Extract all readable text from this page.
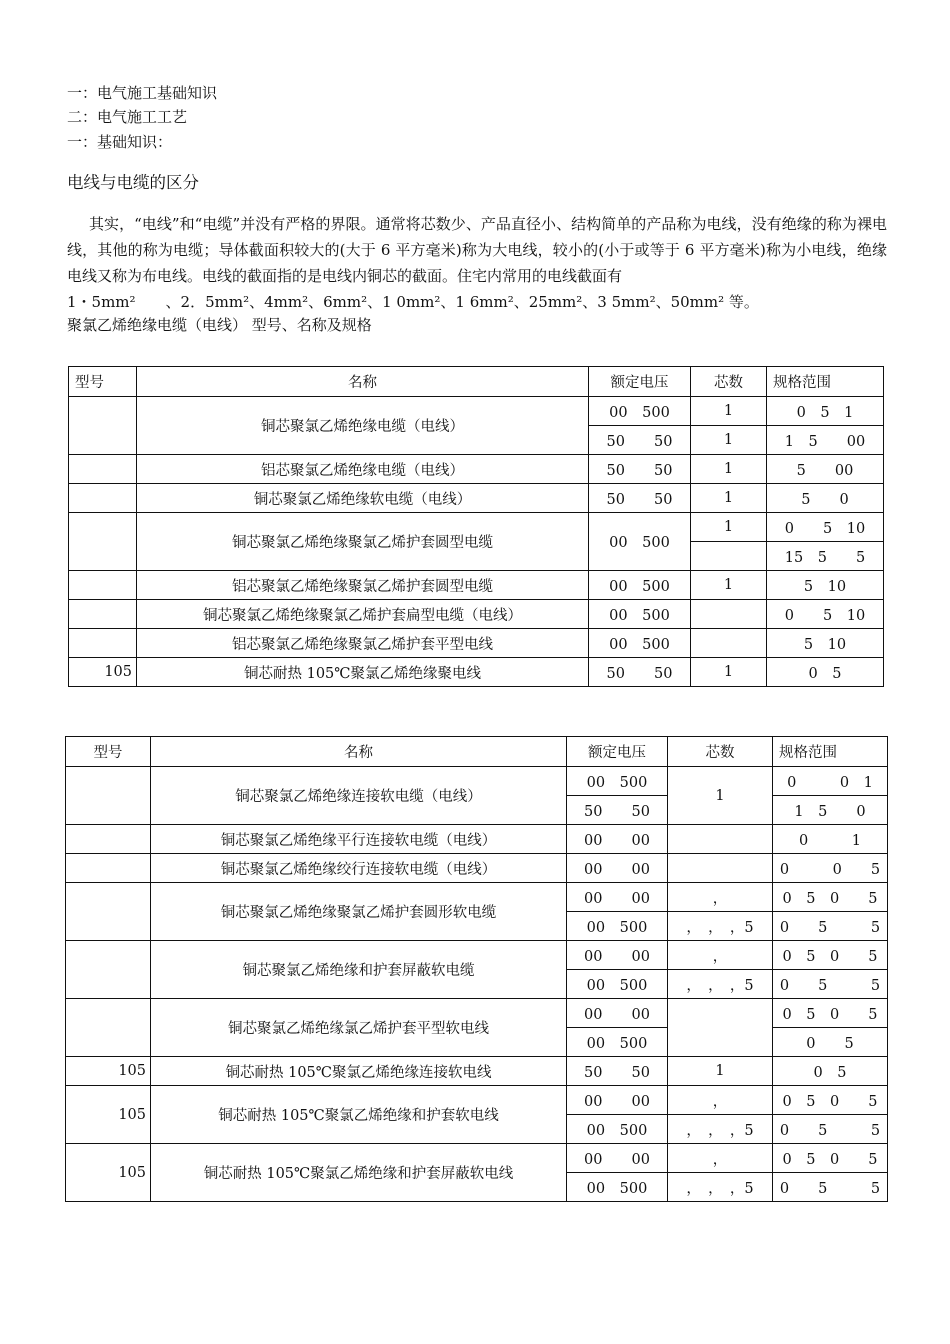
一：电气施工基础知识
二：电气施工工艺
一：基础知识：
电线与电缆的区分
其实，“电线”和“电缆”并没有严格的界限。通常将芯数少、产品直径小、结构简单的产品称为电线，没有绝缘的称为裸电线，其他的称为电缆；导体截面积较大的(大于 6 平方毫米)称为大电线，较小的(小于或等于 6 平方毫米)称为小电线，绝缘电线又称为布电线。电线的截面指的是电线内铜芯的截面。住宅内常用的电线截面有
1・5mm²　　、2．5mm²、4mm²、6mm²、1 0mm²、1 6mm²、25mm²、3 5mm²、50mm² 等。
聚氯乙烯绝缘电缆（电线） 型号、名称及规格
型号	名称	额定电压	芯数	规格范围
	铜芯聚氯乙烯绝缘电缆（电线）	00　500	1	0　5　1
		50　　50	1	1　5　　00
	铝芯聚氯乙烯绝缘电缆（电线）	50　　50	1	5　　00
	铜芯聚氯乙烯绝缘软电缆（电线）	50　　50	1	5　　0
	铜芯聚氯乙烯绝缘聚氯乙烯护套圆型电缆	00　500	1	0　　5　10
				15　5　　5
	铝芯聚氯乙烯绝缘聚氯乙烯护套圆型电缆	00　500	1	5　10
	铜芯聚氯乙烯绝缘聚氯乙烯护套扁型电缆（电线）	00　500		0　　5　10
	铝芯聚氯乙烯绝缘聚氯乙烯护套平型电线	00　500		5　10
105	铜芯耐热 105℃聚氯乙烯绝缘聚电线	50　　50	1	0　5
型号	名称	额定电压	芯数	规格范围
	铜芯聚氯乙烯绝缘连接软电缆（电线）	00　500	1	0　　　0　1
		50　　50		1　5　　0
	铜芯聚氯乙烯绝缘平行连接软电缆（电线）	00　　00		0　　　1
	铜芯聚氯乙烯绝缘绞行连接软电缆（电线）	00　　00		0　　　0　　5
	铜芯聚氯乙烯绝缘聚氯乙烯护套圆形软电缆	00　　00	，	0　5　0　　5
		00　500	，　，　，5	0　　5　　　5
	铜芯聚氯乙烯绝缘和护套屏蔽软电缆	00　　00	，	0　5　0　　5
		00　500	，　，　，5	0　　5　　　5
	铜芯聚氯乙烯绝缘氯乙烯护套平型软电线	00　　00		0　5　0　　5
		00　500		0　　5
105	铜芯耐热 105℃聚氯乙烯绝缘连接软电线	50　　50	1	0　5
105	铜芯耐热 105℃聚氯乙烯绝缘和护套软电线	00　　00	，	0　5　0　　5
		00　500	，　，　，5	0　　5　　　5
105	铜芯耐热 105℃聚氯乙烯绝缘和护套屏蔽软电线	00　　00	，	0　5　0　　5
		00　500	，　，　，5	0　　5　　　5
